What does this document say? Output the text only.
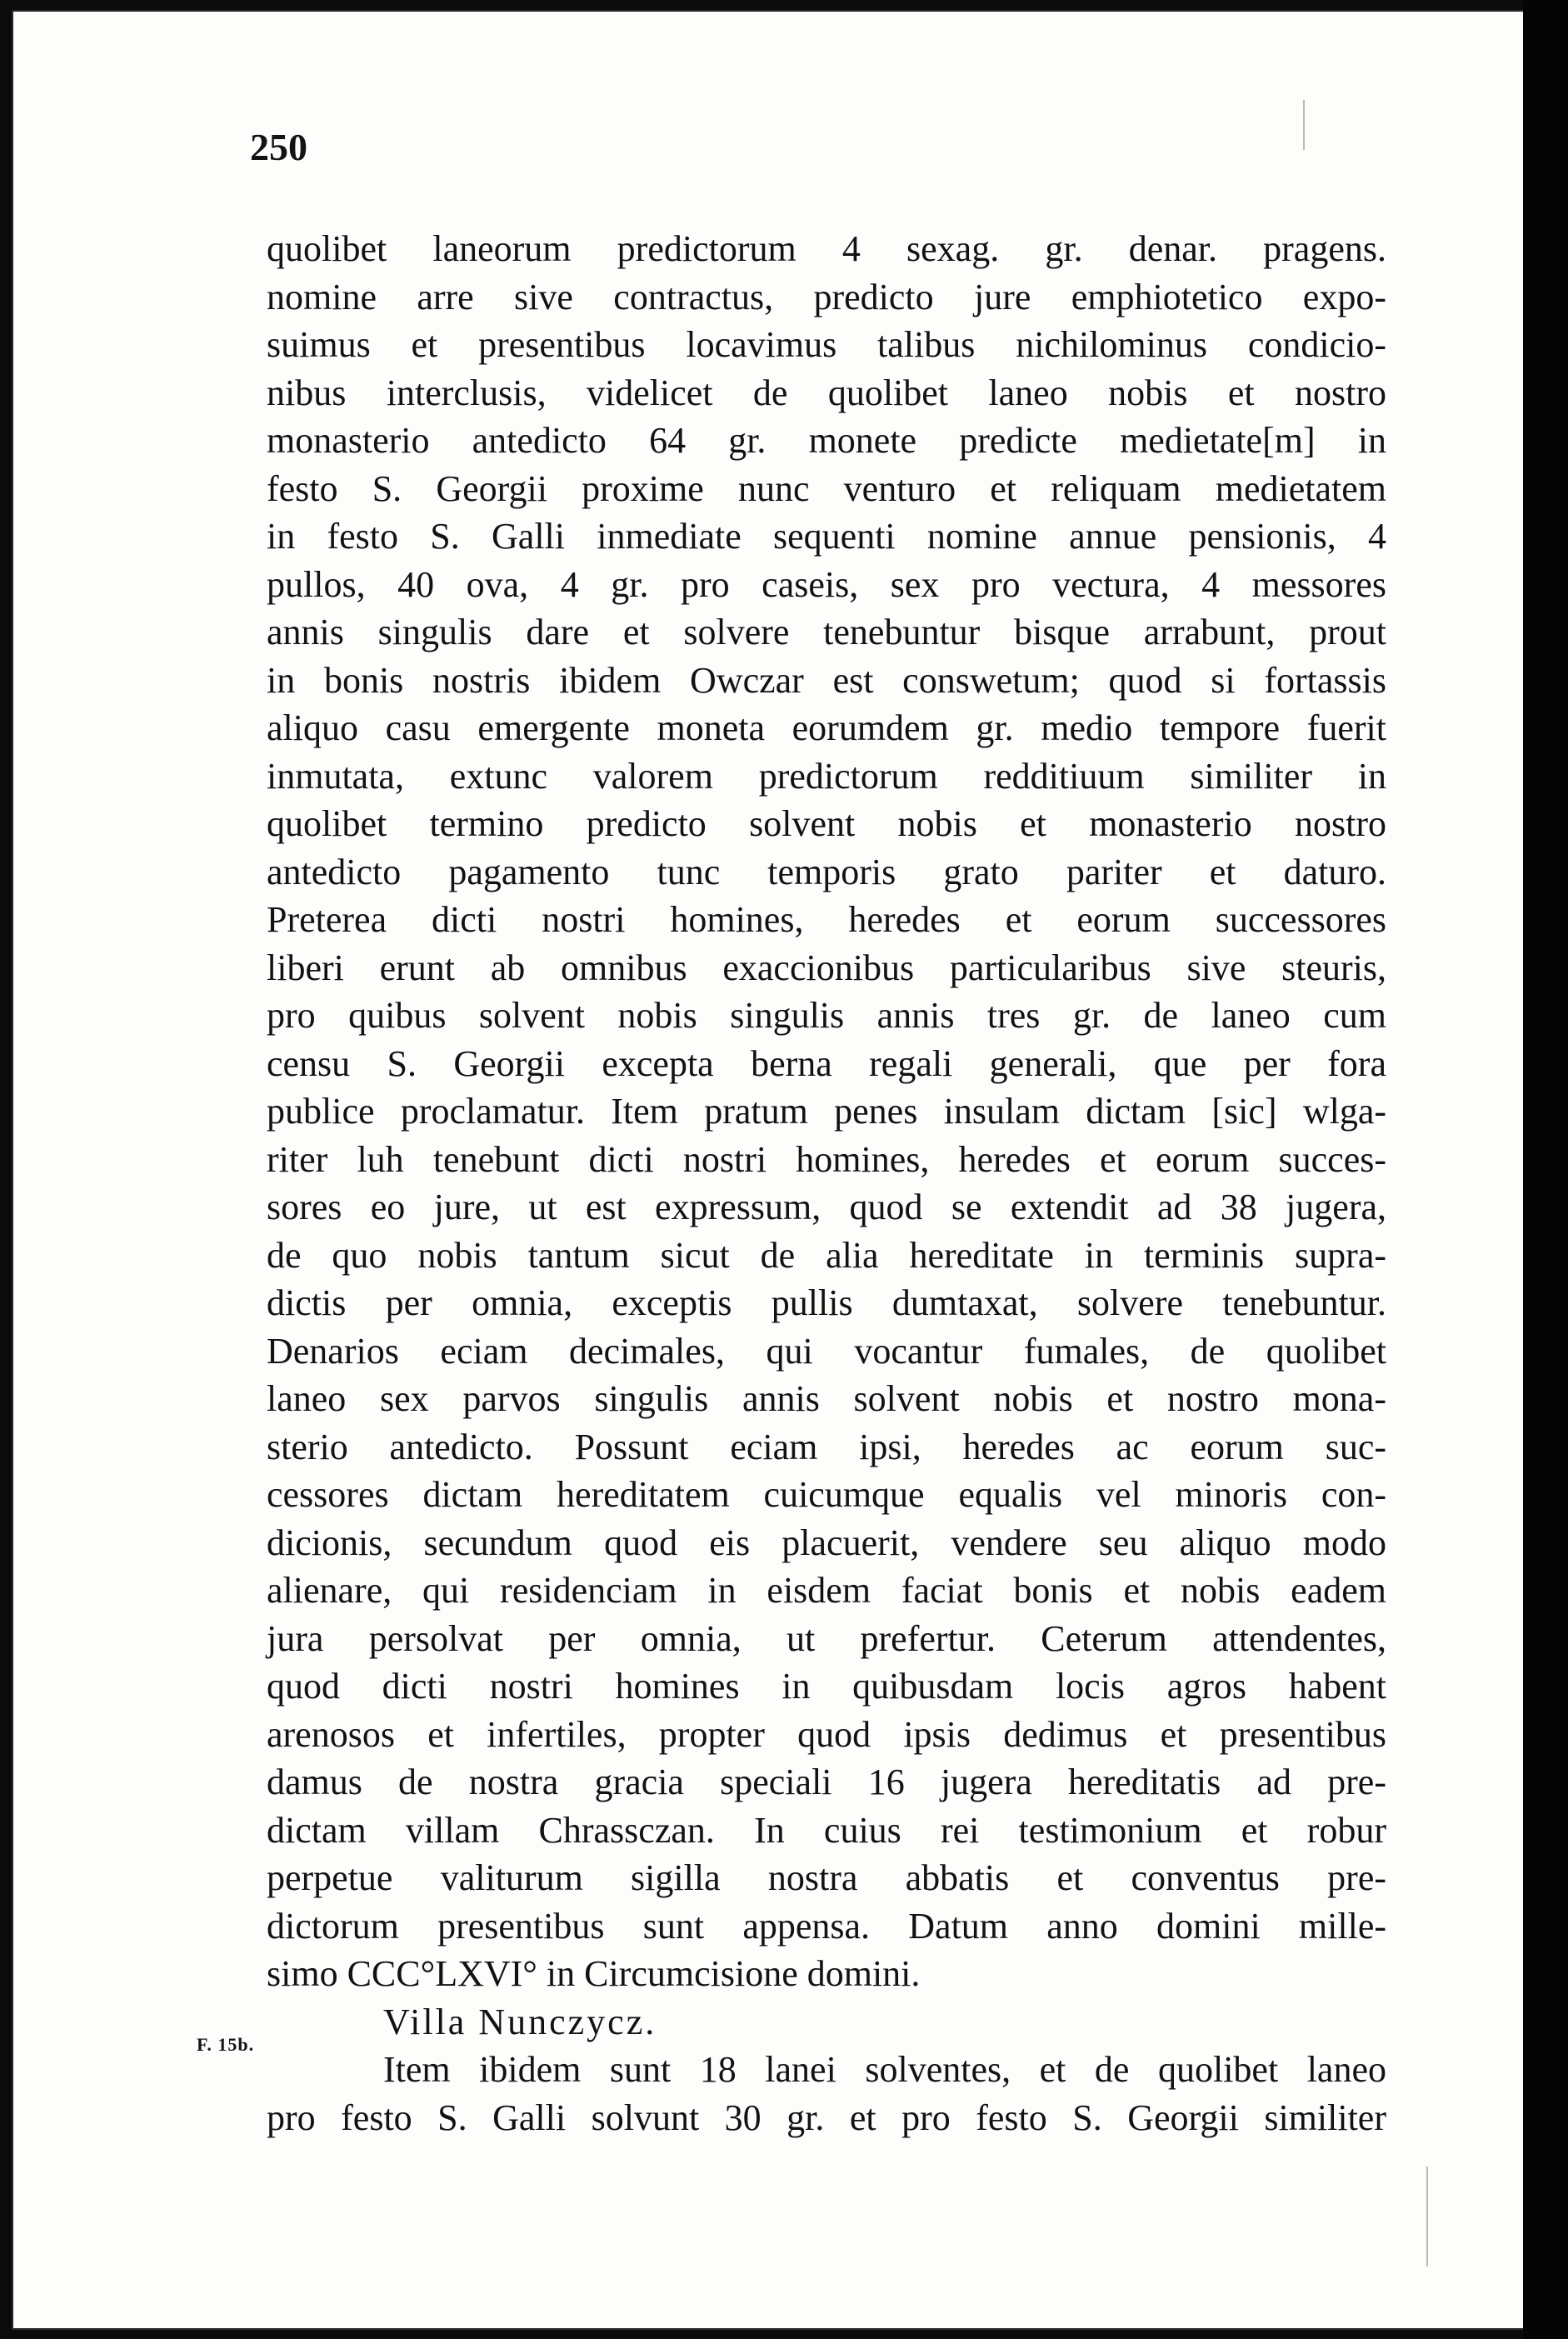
250
F. 15b.
quolibet laneorum predictorum 4 sexag. gr. denar. pragens.
nomine arre sive contractus, predicto jure emphiotetico expo-
suimus et presentibus locavimus talibus nichilominus condicio-
nibus interclusis, videlicet de quolibet laneo nobis et nostro
monasterio antedicto 64 gr. monete predicte medietate[m] in
festo S. Georgii proxime nunc venturo et reliquam medietatem
in festo S. Galli inmediate sequenti nomine annue pensionis, 4
pullos, 40 ova, 4 gr. pro caseis, sex pro vectura, 4 messores
annis singulis dare et solvere tenebuntur bisque arrabunt, prout
in bonis nostris ibidem Owczar est conswetum; quod si fortassis
aliquo casu emergente moneta eorumdem gr. medio tempore fuerit
inmutata, extunc valorem predictorum redditiuum similiter in
quolibet termino predicto solvent nobis et monasterio nostro
antedicto pagamento tunc temporis grato pariter et daturo.
Preterea dicti nostri homines, heredes et eorum successores
liberi erunt ab omnibus exaccionibus particularibus sive steuris,
pro quibus solvent nobis singulis annis tres gr. de laneo cum
censu S. Georgii excepta berna regali generali, que per fora
publice proclamatur. Item pratum penes insulam dictam [sic] wlga-
riter luh tenebunt dicti nostri homines, heredes et eorum succes-
sores eo jure, ut est expressum, quod se extendit ad 38 jugera,
de quo nobis tantum sicut de alia hereditate in terminis supra-
dictis per omnia, exceptis pullis dumtaxat, solvere tenebuntur.
Denarios eciam decimales, qui vocantur fumales, de quolibet
laneo sex parvos singulis annis solvent nobis et nostro mona-
sterio antedicto. Possunt eciam ipsi, heredes ac eorum suc-
cessores dictam hereditatem cuicumque equalis vel minoris con-
dicionis, secundum quod eis placuerit, vendere seu aliquo modo
alienare, qui residenciam in eisdem faciat bonis et nobis eadem
jura persolvat per omnia, ut prefertur. Ceterum attendentes,
quod dicti nostri homines in quibusdam locis agros habent
arenosos et infertiles, propter quod ipsis dedimus et presentibus
damus de nostra gracia speciali 16 jugera hereditatis ad pre-
dictam villam Chrassczan. In cuius rei testimonium et robur
perpetue valiturum sigilla nostra abbatis et conventus pre-
dictorum presentibus sunt appensa. Datum anno domini mille-
simo CCC°LXVI° in Circumcisione domini.
Villa Nunczycz.
Item ibidem sunt 18 lanei solventes, et de quolibet laneo
pro festo S. Galli solvunt 30 gr. et pro festo S. Georgii similiter
